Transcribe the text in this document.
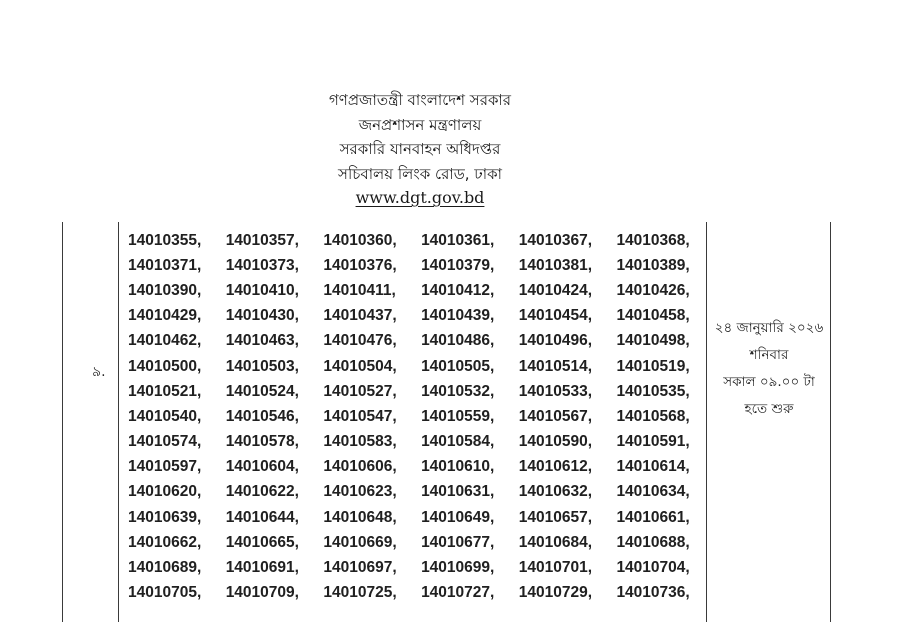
গণপ্রজাতন্ত্রী বাংলাদেশ সরকার
জনপ্রশাসন মন্ত্রণালয়
সরকারি যানবাহন অধিদপ্তর
সচিবালয় লিংক রোড, ঢাকা
www.dgt.gov.bd
৯.
14010355,	14010357,	14010360,	14010361,	14010367,	14010368,
14010371,	14010373,	14010376,	14010379,	14010381,	14010389,
14010390,	14010410,	14010411,	14010412,	14010424,	14010426,
14010429,	14010430,	14010437,	14010439,	14010454,	14010458,
14010462,	14010463,	14010476,	14010486,	14010496,	14010498,
14010500,	14010503,	14010504,	14010505,	14010514,	14010519,
14010521,	14010524,	14010527,	14010532,	14010533,	14010535,
14010540,	14010546,	14010547,	14010559,	14010567,	14010568,
14010574,	14010578,	14010583,	14010584,	14010590,	14010591,
14010597,	14010604,	14010606,	14010610,	14010612,	14010614,
14010620,	14010622,	14010623,	14010631,	14010632,	14010634,
14010639,	14010644,	14010648,	14010649,	14010657,	14010661,
14010662,	14010665,	14010669,	14010677,	14010684,	14010688,
14010689,	14010691,	14010697,	14010699,	14010701,	14010704,
14010705,	14010709,	14010725,	14010727,	14010729,	14010736,
২৪ জানুয়ারি ২০২৬
শনিবার
সকাল ০৯.০০ টা
হতে শুরু
